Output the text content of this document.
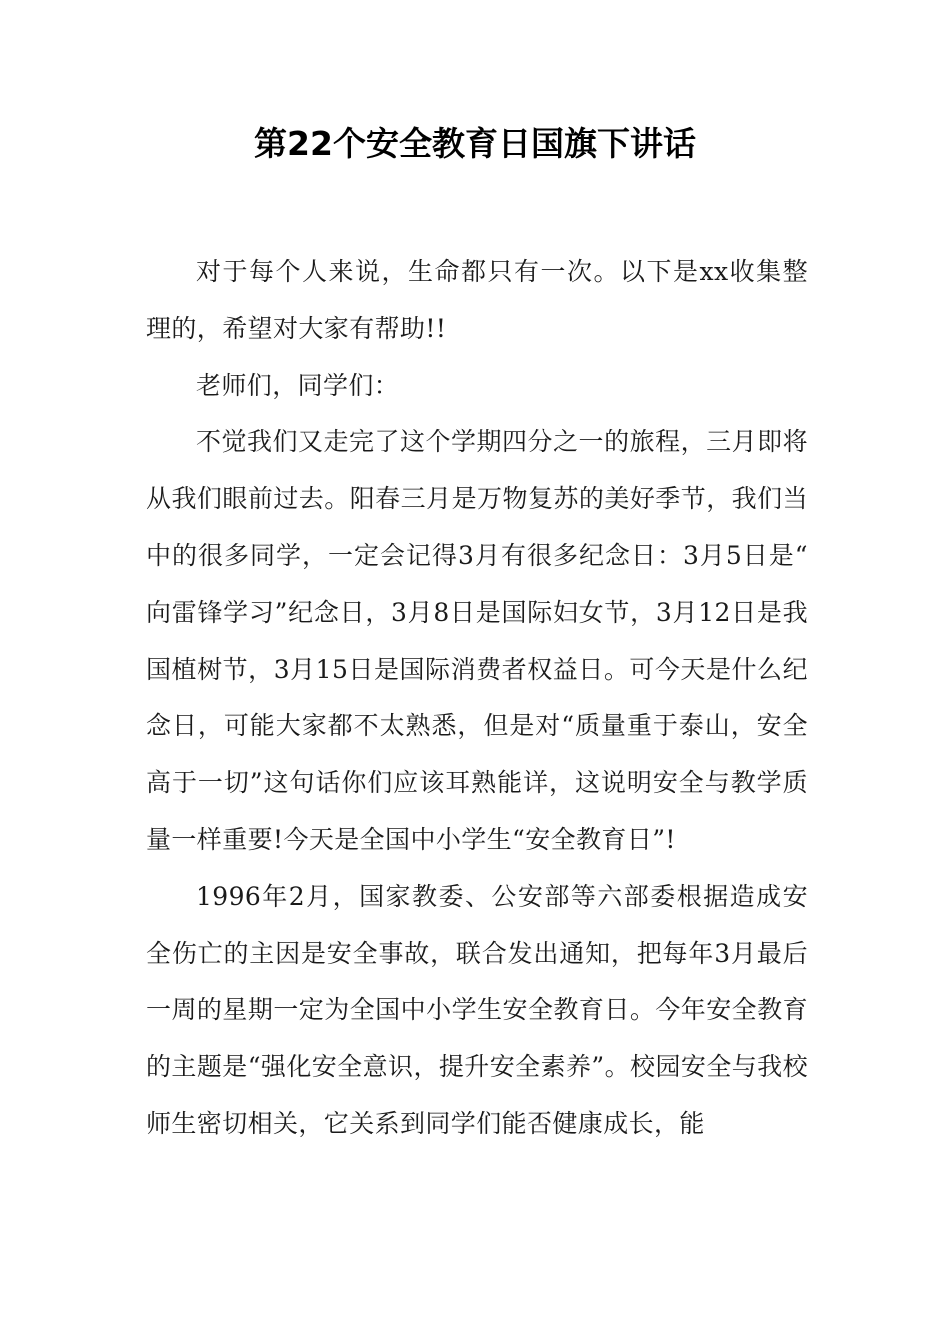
第22个安全教育日国旗下讲话

对于每个人来说，生命都只有一次。以下是xx收集整理的，希望对大家有帮助!!

老师们，同学们：

不觉我们又走完了这个学期四分之一的旅程，三月即将从我们眼前过去。阳春三月是万物复苏的美好季节，我们当中的很多同学，一定会记得3月有很多纪念日：3月5日是“向雷锋学习”纪念日，3月8日是国际妇女节，3月12日是我国植树节，3月15日是国际消费者权益日。可今天是什么纪念日，可能大家都不太熟悉，但是对“质量重于泰山，安全高于一切”这句话你们应该耳熟能详，这说明安全与教学质量一样重要!今天是全国中小学生“安全教育日”!

1996年2月，国家教委、公安部等六部委根据造成安全伤亡的主因是安全事故，联合发出通知，把每年3月最后一周的星期一定为全国中小学生安全教育日。今年安全教育的主题是“强化安全意识，提升安全素养”。校园安全与我校师生密切相关，它关系到同学们能否健康成长，能
